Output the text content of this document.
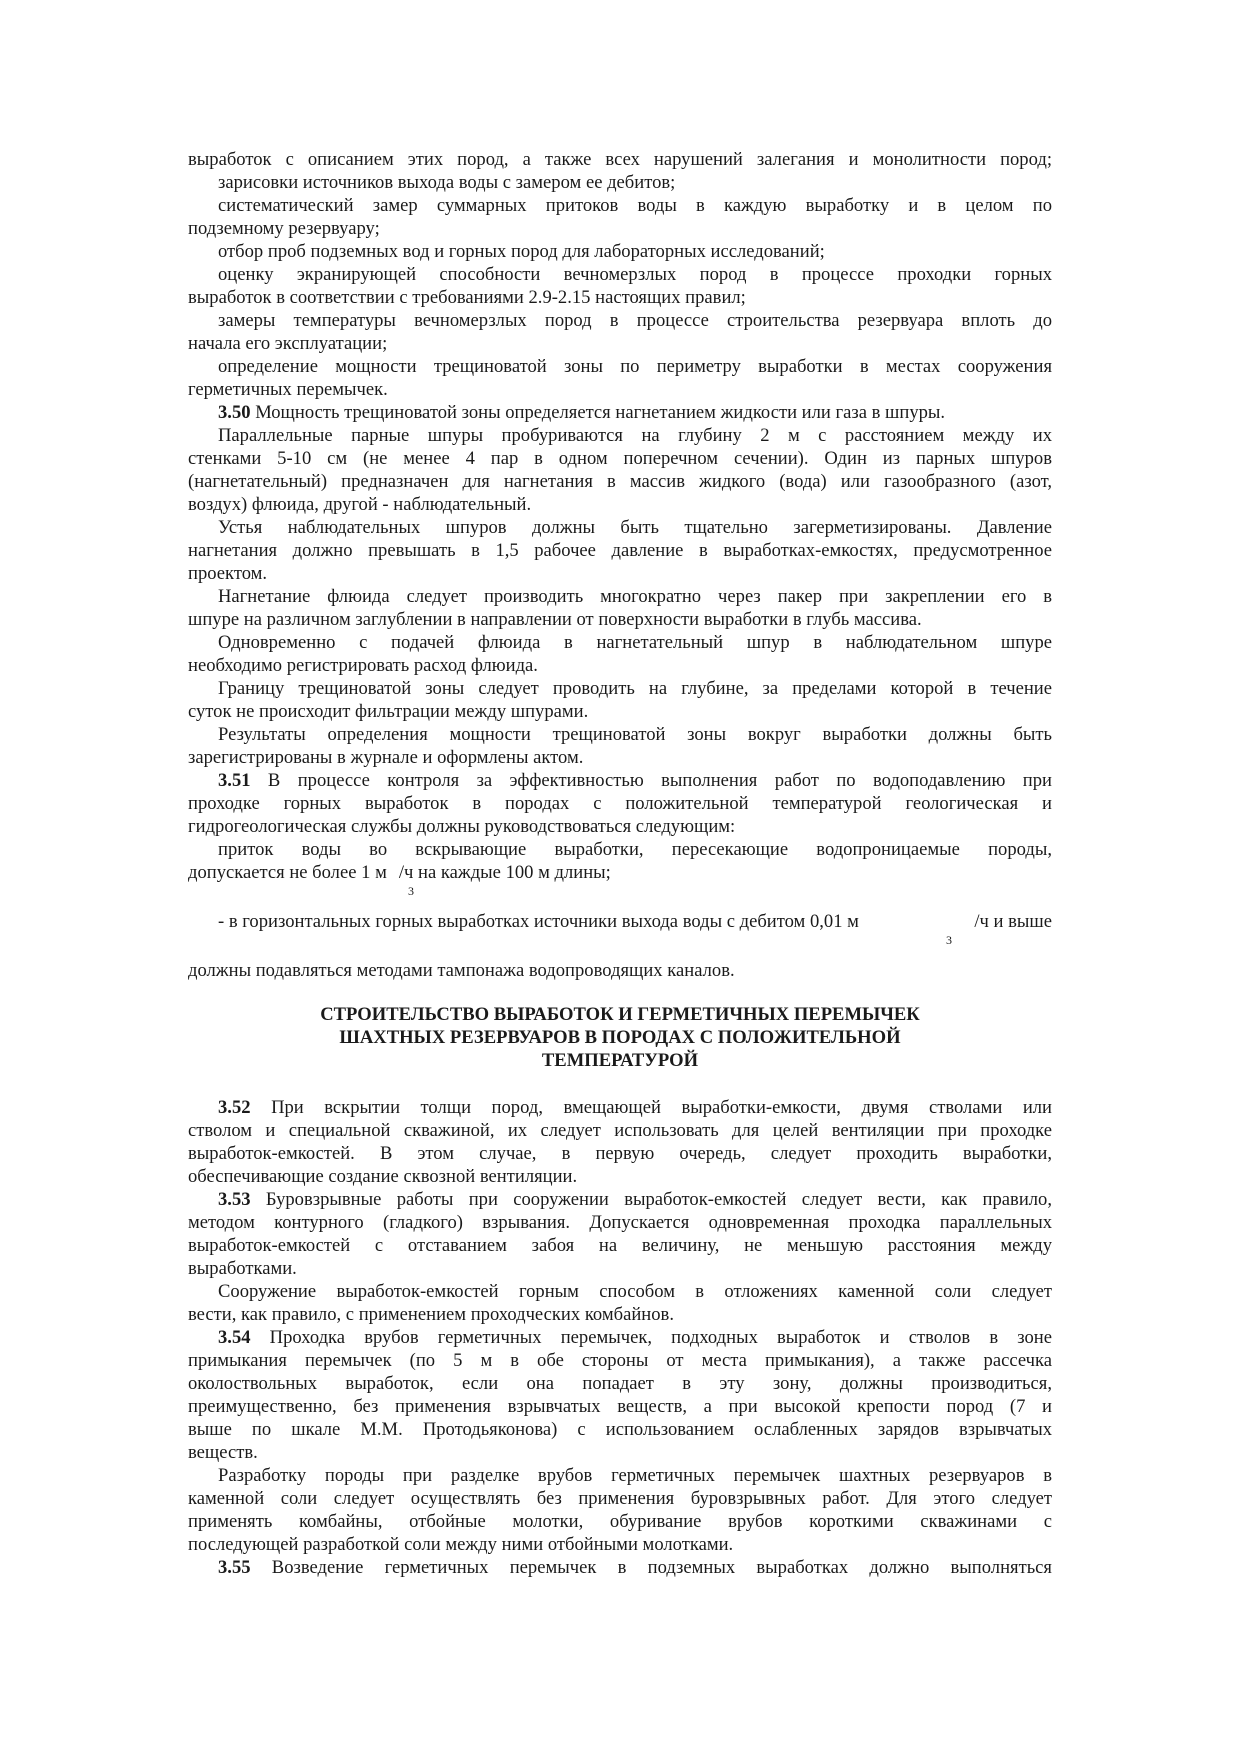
выработок с описанием этих пород, а также всех нарушений залегания и монолитности пород;
зарисовки источников выхода воды с замером ее дебитов;
систематический замер суммарных притоков воды в каждую выработку и в целом по
подземному резервуару;
отбор проб подземных вод и горных пород для лабораторных исследований;
оценку экранирующей способности вечномерзлых пород в процессе проходки горных
выработок в соответствии с требованиями 2.9-2.15 настоящих правил;
замеры температуры вечномерзлых пород в процессе строительства резервуара вплоть до
начала его эксплуатации;
определение мощности трещиноватой зоны по периметру выработки в местах сооружения
герметичных перемычек.
3.50 Мощность трещиноватой зоны определяется нагнетанием жидкости или газа в шпуры.
Параллельные парные шпуры пробуриваются на глубину 2 м с расстоянием между их
стенками 5-10 см (не менее 4 пар в одном поперечном сечении). Один из парных шпуров
(нагнетательный) предназначен для нагнетания в массив жидкого (вода) или газообразного (азот,
воздух) флюида, другой - наблюдательный.
Устья наблюдательных шпуров должны быть тщательно загерметизированы. Давление
нагнетания должно превышать в 1,5 рабочее давление в выработках-емкостях, предусмотренное
проектом.
Нагнетание флюида следует производить многократно через пакер при закреплении его в
шпуре на различном заглублении в направлении от поверхности выработки в глубь массива.
Одновременно с подачей флюида в нагнетательный шпур в наблюдательном шпуре
необходимо регистрировать расход флюида.
Границу трещиноватой зоны следует проводить на глубине, за пределами которой в течение
суток не происходит фильтрации между шпурами.
Результаты определения мощности трещиноватой зоны вокруг выработки должны быть
зарегистрированы в журнале и оформлены актом.
3.51 В процессе контроля за эффективностью выполнения работ по водоподавлению при
проходке горных выработок в породах с положительной температурой геологическая и
гидрогеологическая службы должны руководствоваться следующим:
приток воды во вскрывающие выработки, пересекающие водопроницаемые породы,
допускается не более 1 м /ч на каждые 100 м длины;
3
- в горизонтальных горных выработках источники выхода воды с дебитом 0,01 м	/ч и выше
3
должны подавляться методами тампонажа водопроводящих каналов.
СТРОИТЕЛЬСТВО ВЫРАБОТОК И ГЕРМЕТИЧНЫХ ПЕРЕМЫЧЕК
ШАХТНЫХ РЕЗЕРВУАРОВ В ПОРОДАХ С ПОЛОЖИТЕЛЬНОЙ
ТЕМПЕРАТУРОЙ
3.52 При вскрытии толщи пород, вмещающей выработки-емкости, двумя стволами или
стволом и специальной скважиной, их следует использовать для целей вентиляции при проходке
выработок-емкостей. В этом случае, в первую очередь, следует проходить выработки,
обеспечивающие создание сквозной вентиляции.
3.53 Буровзрывные работы при сооружении выработок-емкостей следует вести, как правило,
методом контурного (гладкого) взрывания. Допускается одновременная проходка параллельных
выработок-емкостей с отставанием забоя на величину, не меньшую расстояния между
выработками.
Сооружение выработок-емкостей горным способом в отложениях каменной соли следует
вести, как правило, с применением проходческих комбайнов.
3.54 Проходка врубов герметичных перемычек, подходных выработок и стволов в зоне
примыкания перемычек (по 5 м в обе стороны от места примыкания), а также рассечка
околоствольных выработок, если она попадает в эту зону, должны производиться,
преимущественно, без применения взрывчатых веществ, а при высокой крепости пород (7 и
выше по шкале М.М. Протодьяконова) с использованием ослабленных зарядов взрывчатых
веществ.
Разработку породы при разделке врубов герметичных перемычек шахтных резервуаров в
каменной соли следует осуществлять без применения буровзрывных работ. Для этого следует
применять комбайны, отбойные молотки, обуривание врубов короткими скважинами с
последующей разработкой соли между ними отбойными молотками.
3.55 Возведение герметичных перемычек в подземных выработках должно выполняться
